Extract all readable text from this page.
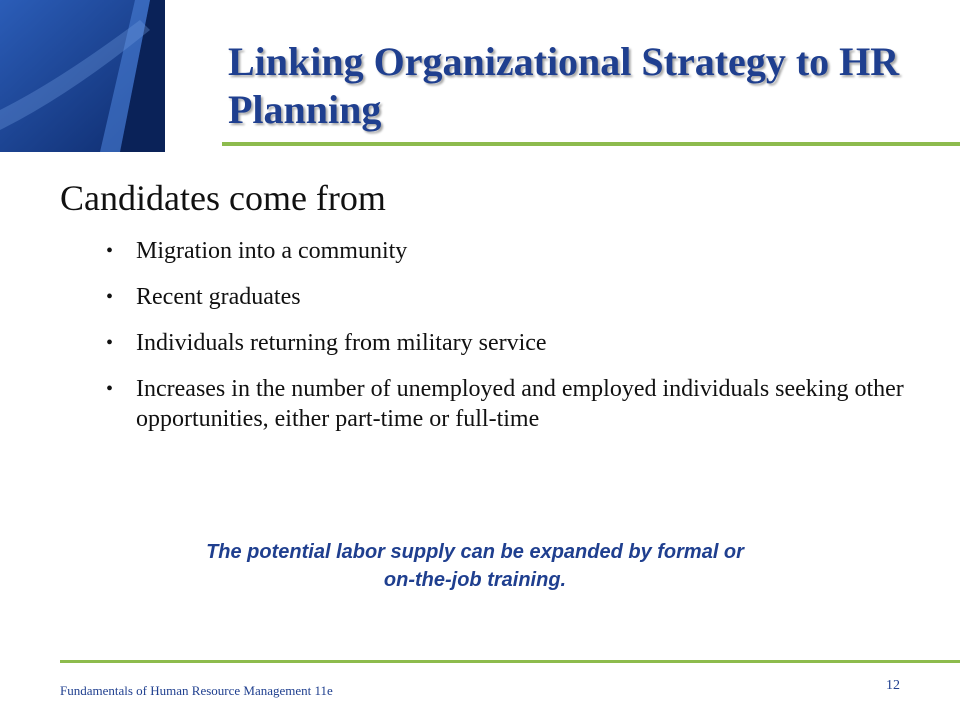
Linking Organizational Strategy to HR Planning
Candidates come from
• Migration into a community
• Recent graduates
• Individuals returning from military service
• Increases in the number of unemployed and employed individuals seeking other opportunities, either part-time or full-time

The potential labor supply can be expanded by formal or
on-the-job training.

Fundamentals of Human Resource Management 11e	12
